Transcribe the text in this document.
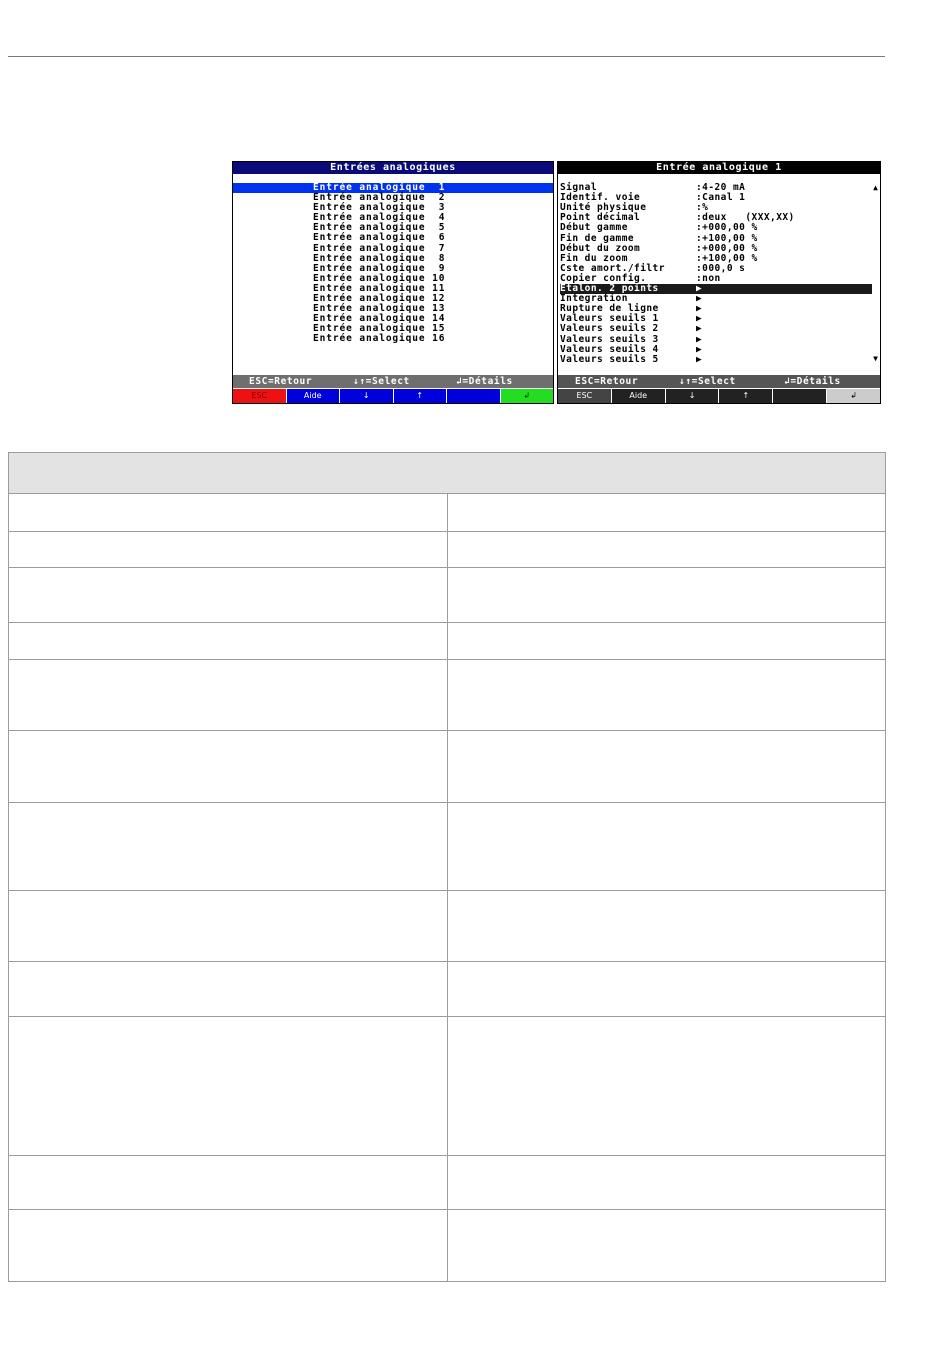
Entrées analogiques
Entrée analogique  1
Entrée analogique  2
Entrée analogique  3
Entrée analogique  4
Entrée analogique  5
Entrée analogique  6
Entrée analogique  7
Entrée analogique  8
Entrée analogique  9
Entrée analogique 10
Entrée analogique 11
Entrée analogique 12
Entrée analogique 13
Entrée analogique 14
Entrée analogique 15
Entrée analogique 16
ESC=Retour	↓↑=Select	↲=Détails
ESC	Aide	↓	↑	↲
Entrée analogique 1
Signal	:4-20 mA
Identif. voie	:Canal 1
Unité physique	:%
Point décimal	:deux   (XXX,XX)
Début gamme	:+000,00 %
Fin de gamme	:+100,00 %
Début du zoom	:+000,00 %
Fin du zoom	:+100,00 %
Cste amort./filtr	:000,0 s
Copier config.	:non
Etalon. 2 points	▶
Integration	▶
Rupture de ligne	▶
Valeurs seuils 1	▶
Valeurs seuils 2	▶
Valeurs seuils 3	▶
Valeurs seuils 4	▶
Valeurs seuils 5	▶
▲
▼
ESC=Retour	↓↑=Select	↲=Détails
ESC	Aide	↓	↑	↲
